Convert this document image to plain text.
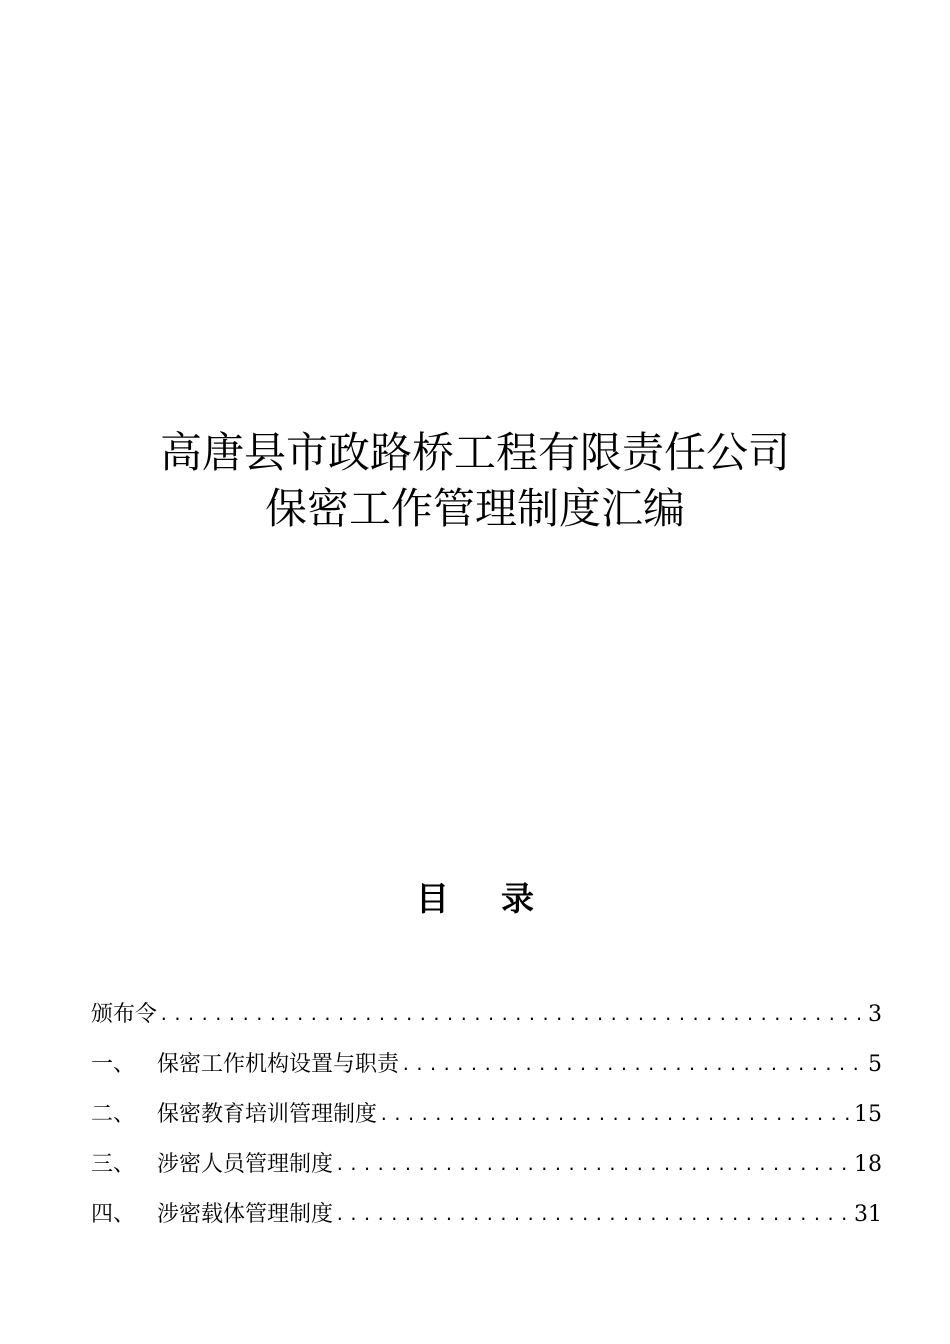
高唐县市政路桥工程有限责任公司
保密工作管理制度汇编
目 录
颁布令 .....	3
一、 保密工作机构设置与职责 .....	5
二、 保密教育培训管理制度 .....	15
三、 涉密人员管理制度 .....	18
四、 涉密载体管理制度 .....	31
